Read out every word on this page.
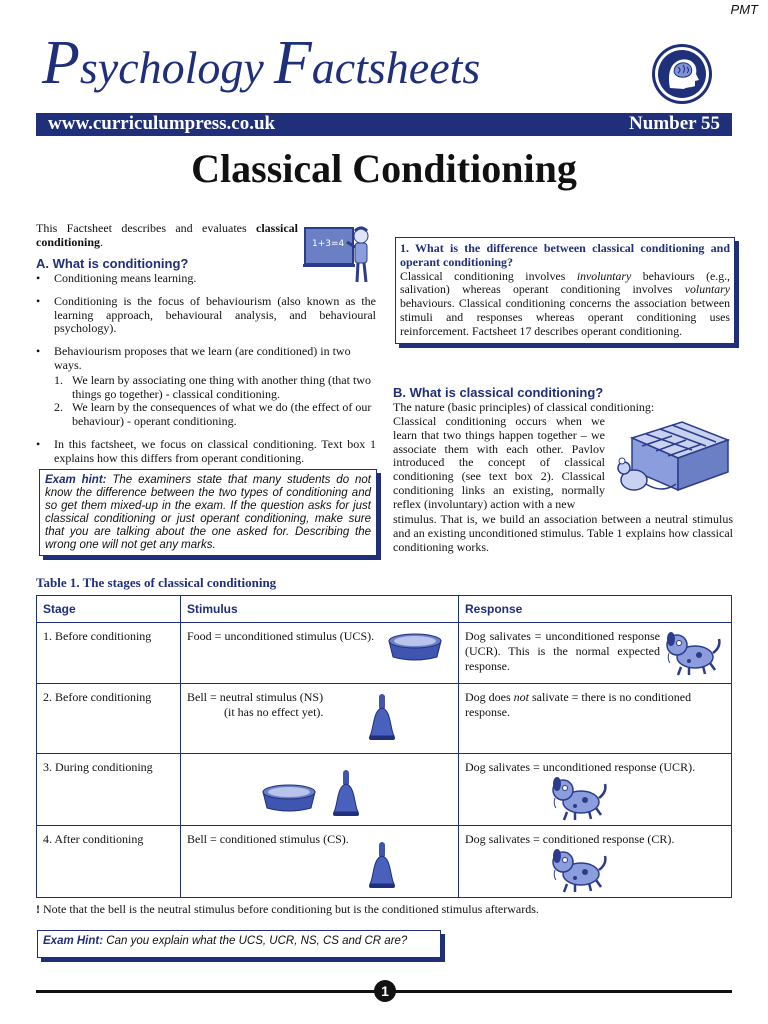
PMT
Psychology Factsheets
www.curriculumpress.co.uk	Number 55
Classical Conditioning
This Factsheet describes and evaluates classical conditioning.	1+3=4
A. What is conditioning?
• Conditioning means learning.
• Conditioning is the focus of behaviourism (also known as the learning approach, behavioural analysis, and behavioural psychology).
• Behaviourism proposes that we learn (are conditioned) in two ways.
1. We learn by associating one thing with another thing (that two things go together) - classical conditioning.
2. We learn by the consequences of what we do (the effect of our behaviour) - operant conditioning.
• In this factsheet, we focus on classical conditioning. Text box 1 explains how this differs from operant conditioning.
Exam hint: The examiners state that many students do not know the difference between the two types of conditioning and so get them mixed-up in the exam. If the question asks for just classical conditioning or just operant conditioning, make sure that you are talking about the one asked for. Describing the wrong one will not get any marks.
1. What is the difference between classical conditioning and operant conditioning?
Classical conditioning involves involuntary behaviours (e.g., salivation) whereas operant conditioning involves voluntary behaviours. Classical conditioning concerns the association between stimuli and responses whereas operant conditioning uses reinforcement. Factsheet 17 describes operant conditioning.
B. What is classical conditioning?
The nature (basic principles) of classical conditioning:
Classical conditioning occurs when we learn that two things happen together – we associate them with each other. Pavlov introduced the concept of classical conditioning (see text box 2). Classical conditioning links an existing, normally reflex (involuntary) action with a new
stimulus. That is, we build an association between a neutral stimulus and an existing unconditioned stimulus. Table 1 explains how classical conditioning works.
Table 1. The stages of classical conditioning
Stage	Stimulus	Response
1. Before conditioning	Food = unconditioned stimulus (UCS).	Dog salivates = unconditioned response (UCR). This is the normal expected response.

2. Before conditioning	Bell = neutral stimulus (NS)
(it has no effect yet).	Dog does not salivate = there is no conditioned response.
3. During conditioning		Dog salivates = unconditioned response (UCR).

4. After conditioning	Bell = conditioned stimulus (CS).	Dog salivates = conditioned response (CR).
! Note that the bell is the neutral stimulus before conditioning but is the conditioned stimulus afterwards.
Exam Hint: Can you explain what the UCS, UCR, NS, CS and CR are?
1
